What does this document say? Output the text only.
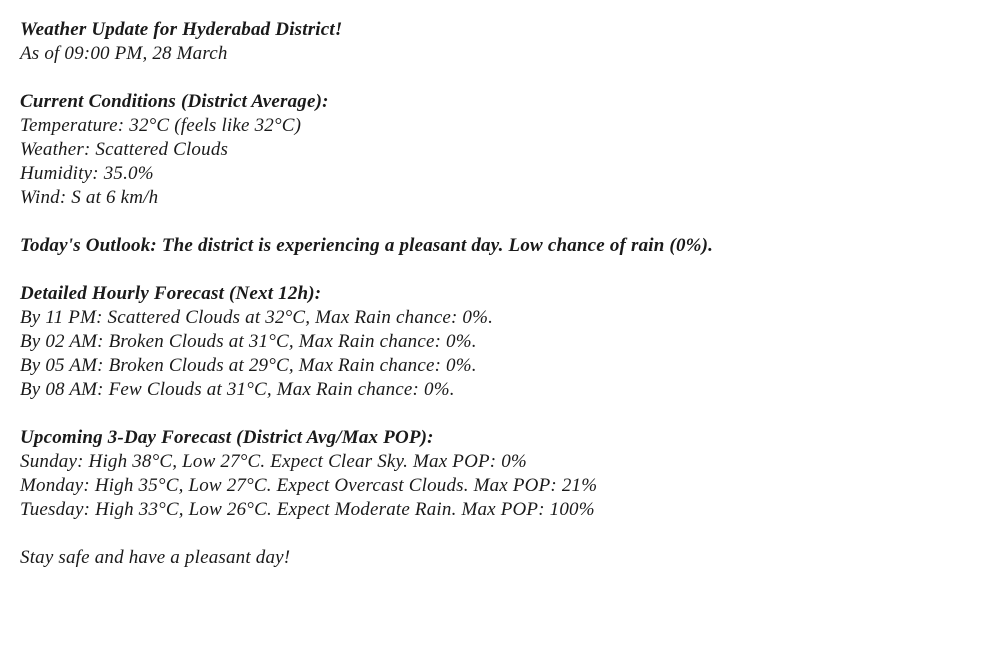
Weather Update for Hyderabad District!
As of 09:00 PM, 28 March
Current Conditions (District Average):
Temperature: 32°C (feels like 32°C)
Weather: Scattered Clouds
Humidity: 35.0%
Wind: S at 6 km/h
Today's Outlook: The district is experiencing a pleasant day. Low chance of rain (0%).
Detailed Hourly Forecast (Next 12h):
By 11 PM: Scattered Clouds at 32°C, Max Rain chance: 0%.
By 02 AM: Broken Clouds at 31°C, Max Rain chance: 0%.
By 05 AM: Broken Clouds at 29°C, Max Rain chance: 0%.
By 08 AM: Few Clouds at 31°C, Max Rain chance: 0%.
Upcoming 3-Day Forecast (District Avg/Max POP):
Sunday: High 38°C, Low 27°C. Expect Clear Sky. Max POP: 0%
Monday: High 35°C, Low 27°C. Expect Overcast Clouds. Max POP: 21%
Tuesday: High 33°C, Low 26°C. Expect Moderate Rain. Max POP: 100%
Stay safe and have a pleasant day!
